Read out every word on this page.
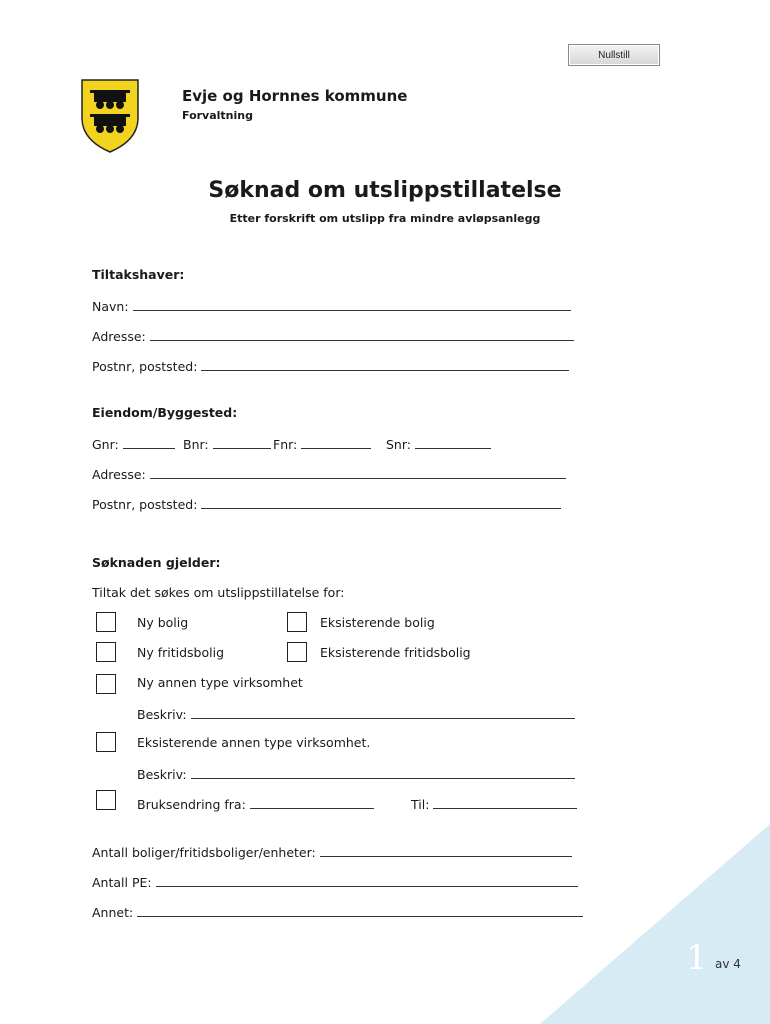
Nullstill
Evje og Hornnes kommune
Forvaltning
Søknad om utslippstillatelse
Etter forskrift om utslipp fra mindre avløpsanlegg
Tiltakshaver:
Navn:
Adresse:
Postnr, poststed:
Eiendom/Byggested:
Gnr:	Bnr:	Fnr:	Snr:
Adresse:
Postnr, poststed:
Søknaden gjelder:
Tiltak det søkes om utslippstillatelse for:
Ny bolig	Eksisterende bolig
Ny fritidsbolig	Eksisterende fritidsbolig
Ny annen type virksomhet
Beskriv:
Eksisterende annen type virksomhet.
Beskriv:
Bruksendring fra:	Til:
Antall boliger/fritidsboliger/enheter:
Antall PE:
Annet:
1 av 4
